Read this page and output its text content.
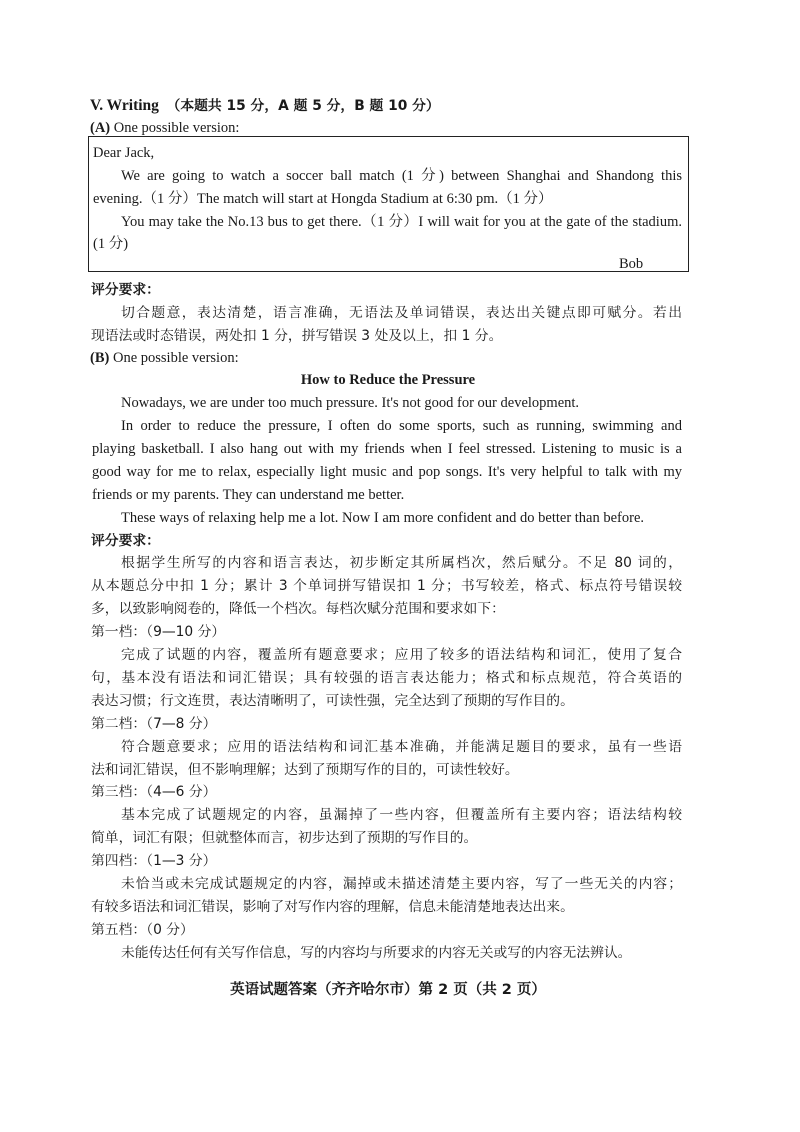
V. Writing （本题共 15 分，A 题 5 分，B 题 10 分）
(A) One possible version:
Dear Jack,
We are going to watch a soccer ball match (1 分) between Shanghai and Shandong this
evening.（1 分）The match will start at Hongda Stadium at 6:30 pm.（1 分）
You may take the No.13 bus to get there.（1 分）I will wait for you at the gate of the stadium.
(1 分)
Bob
评分要求：
切合题意，表达清楚，语言准确，无语法及单词错误，表达出关键点即可赋分。若出
现语法或时态错误，两处扣 1 分，拼写错误 3 处及以上，扣 1 分。
(B) One possible version:
How to Reduce the Pressure
Nowadays, we are under too much pressure. It's not good for our development.
In order to reduce the pressure, I often do some sports, such as running, swimming and
playing basketball. I also hang out with my friends when I feel stressed. Listening to music is a
good way for me to relax, especially light music and pop songs. It's very helpful to talk with my
friends or my parents. They can understand me better.
These ways of relaxing help me a lot. Now I am more confident and do better than before.
评分要求：
根据学生所写的内容和语言表达，初步断定其所属档次，然后赋分。不足 80 词的，
从本题总分中扣 1 分；累计 3 个单词拼写错误扣 1 分；书写较差，格式、标点符号错误较
多，以致影响阅卷的，降低一个档次。每档次赋分范围和要求如下：
第一档：（9—10 分）
完成了试题的内容，覆盖所有题意要求；应用了较多的语法结构和词汇，使用了复合
句，基本没有语法和词汇错误；具有较强的语言表达能力；格式和标点规范，符合英语的
表达习惯；行文连贯，表达清晰明了，可读性强，完全达到了预期的写作目的。
第二档：（7—8 分）
符合题意要求；应用的语法结构和词汇基本准确，并能满足题目的要求，虽有一些语
法和词汇错误，但不影响理解；达到了预期写作的目的，可读性较好。
第三档：（4—6 分）
基本完成了试题规定的内容，虽漏掉了一些内容，但覆盖所有主要内容；语法结构较
简单，词汇有限；但就整体而言，初步达到了预期的写作目的。
第四档：（1—3 分）
未恰当或未完成试题规定的内容，漏掉或未描述清楚主要内容，写了一些无关的内容；
有较多语法和词汇错误，影响了对写作内容的理解，信息未能清楚地表达出来。
第五档：（0 分）
未能传达任何有关写作信息，写的内容均与所要求的内容无关或写的内容无法辨认。
英语试题答案（齐齐哈尔市）第 2 页（共 2 页）
